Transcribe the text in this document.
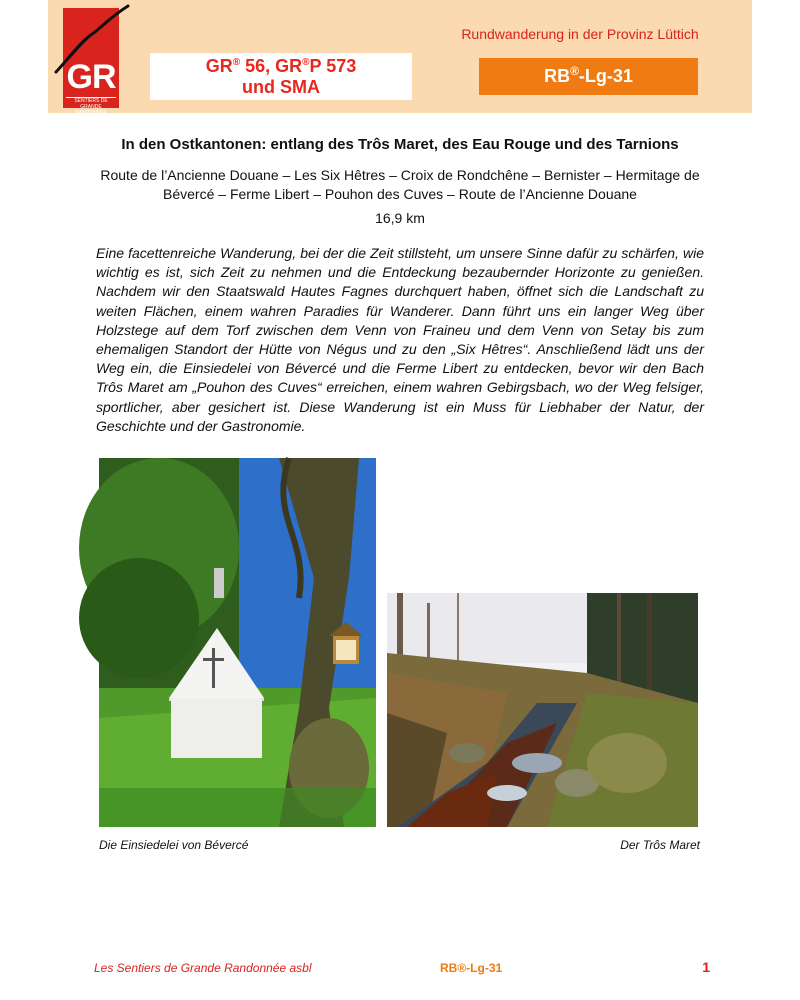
GR
SENTIERS DE GRANDE RANDONNÉE
GR® 56, GR®P 573
und SMA
Rundwanderung in der Provinz Lüttich
RB®-Lg-31
In den Ostkantonen: entlang des Trôs Maret, des Eau Rouge und des Tarnions
Route de l’Ancienne Douane – Les Six Hêtres – Croix de Rondchêne – Bernister – Hermitage de Bévercé – Ferme Libert – Pouhon des Cuves – Route de l’Ancienne Douane
16,9 km
Eine facettenreiche Wanderung, bei der die Zeit stillsteht, um unsere Sinne dafür zu schärfen, wie wichtig es ist, sich Zeit zu nehmen und die Entdeckung bezaubernder Horizonte zu genießen. Nachdem wir den Staatswald Hautes Fagnes durchquert haben, öffnet sich die Landschaft zu weiten Flächen, einem wahren Paradies für Wanderer. Dann führt uns ein langer Weg über Holzstege auf dem Torf zwischen dem Venn von Fraineu und dem Venn von Setay bis zum ehemaligen Standort der Hütte von Négus und zu den „Six Hêtres“. Anschließend lädt uns der Weg ein, die Einsiedelei von Bévercé und die Ferme Libert zu entdecken, bevor wir den Bach Trôs Maret am „Pouhon des Cuves“ erreichen, einem wahren Gebirgsbach, wo der Weg felsiger, sportlicher, aber gesichert ist. Diese Wanderung ist ein Muss für Liebhaber der Natur, der Geschichte und der Gastronomie.
Die Einsiedelei von Bévercé	Der Trôs Maret
Les Sentiers de Grande Randonnée asbl	RB®-Lg-31	1
